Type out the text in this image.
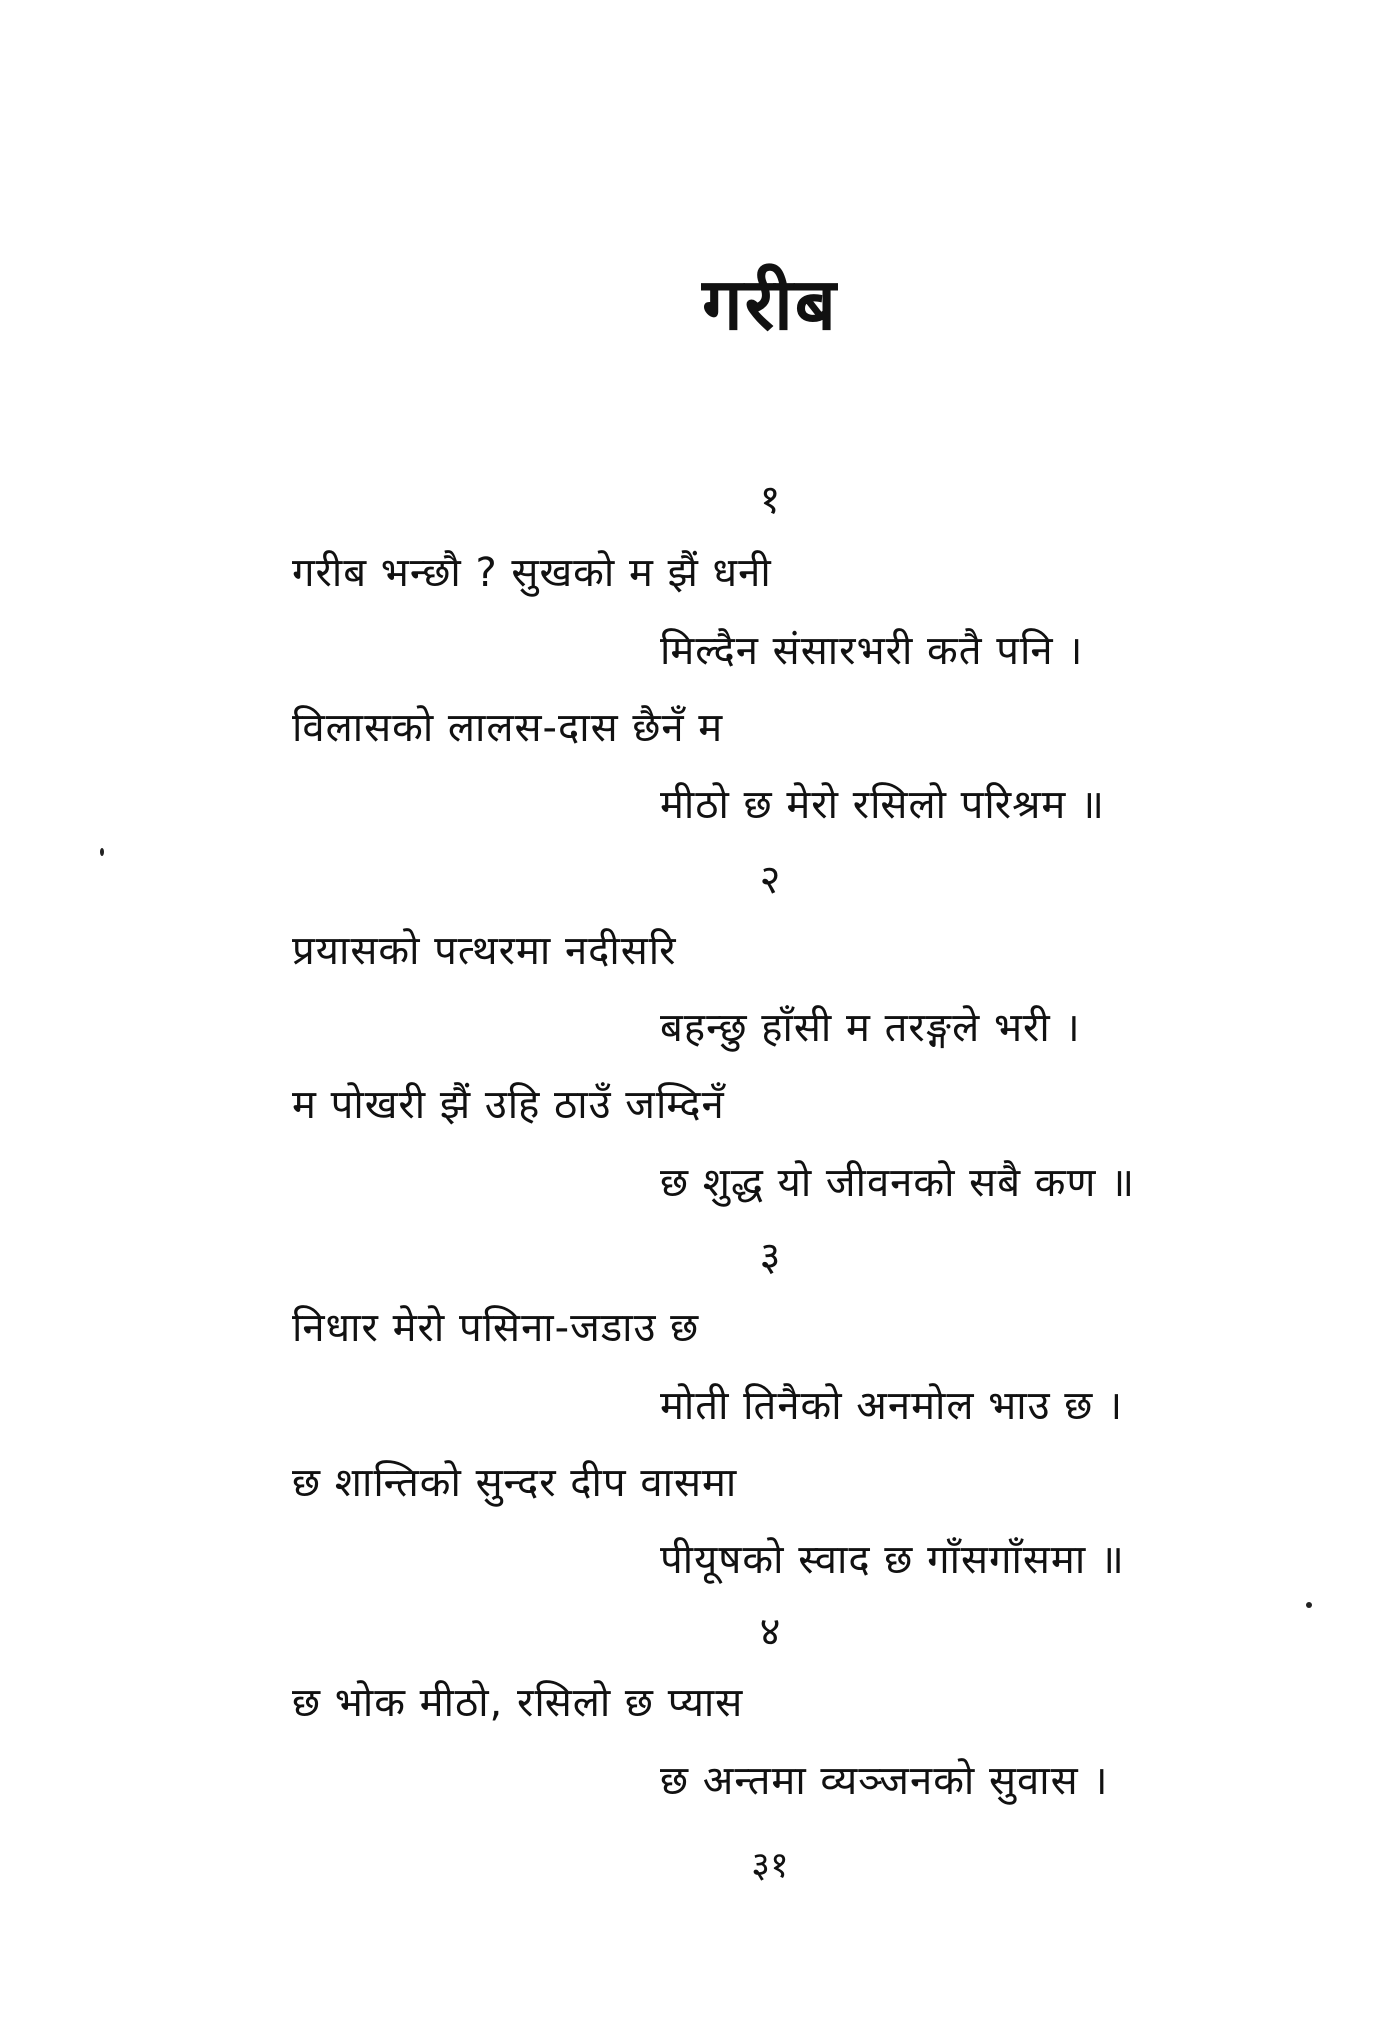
गरीब
१
गरीब भन्छौ ? सुखको म झैं धनी
मिल्दैन संसारभरी कतै पनि ।
विलासको लालस-दास छैनँ म
मीठो छ मेरो रसिलो परिश्रम ॥
२
प्रयासको पत्थरमा नदीसरि
बहन्छु हाँसी म तरङ्गले भरी ।
म पोखरी झैं उहि ठाउँ जम्दिनँ
छ शुद्ध यो जीवनको सबै कण ॥
३
निधार मेरो पसिना-जडाउ छ
मोती तिनैको अनमोल भाउ छ ।
छ शान्तिको सुन्दर दीप वासमा
पीयूषको स्वाद छ गाँसगाँसमा ॥
४
छ भोक मीठो, रसिलो छ प्यास
छ अन्तमा व्यञ्जनको सुवास ।
३१
